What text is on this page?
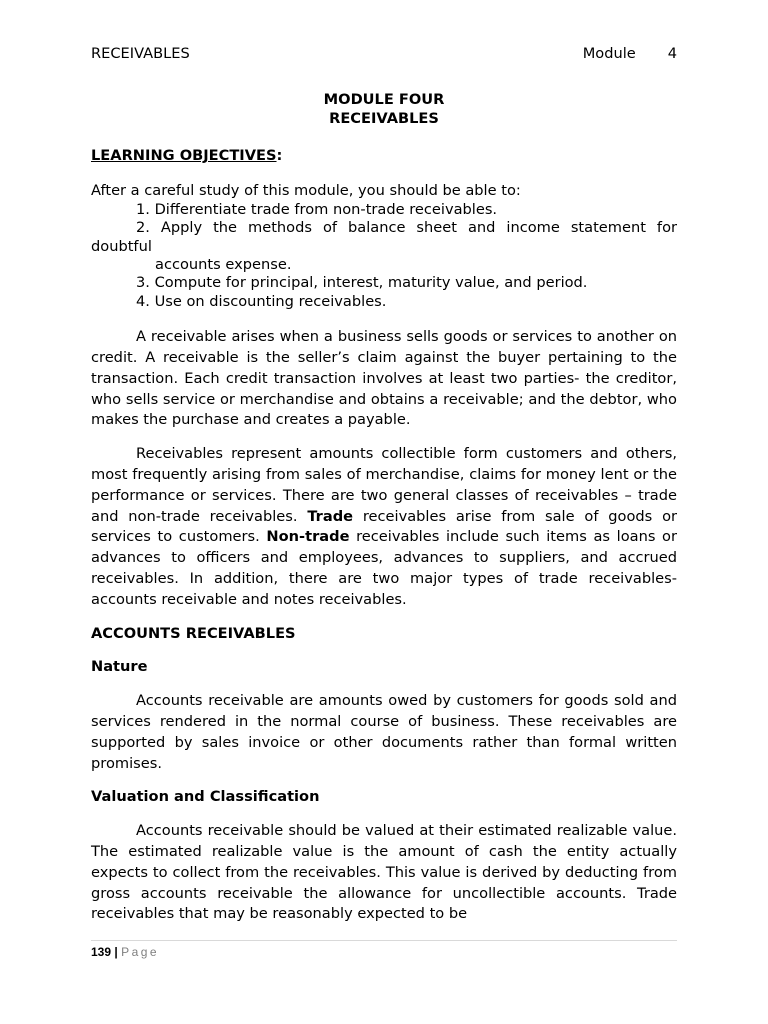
RECEIVABLES	Module   4
MODULE FOUR
RECEIVABLES
LEARNING OBJECTIVES:
After a careful study of this module, you should be able to:
1. Differentiate trade from non-trade receivables.
2. Apply the methods of balance sheet and income statement for
doubtful
accounts expense.
3. Compute for principal, interest, maturity value, and period.
4. Use on discounting receivables.
A receivable arises when a business sells goods or services to another on credit. A receivable is the seller’s claim against the buyer pertaining to the transaction. Each credit transaction involves at least two parties- the creditor, who sells service or merchandise and obtains a receivable; and the debtor, who makes the purchase and creates a payable.
Receivables represent amounts collectible form customers and others, most frequently arising from sales of merchandise, claims for money lent or the performance or services. There are two general classes of receivables – trade and non-trade receivables. Trade receivables arise from sale of goods or services to customers. Non-trade receivables include such items as loans or advances to officers and employees, advances to suppliers, and accrued receivables. In addition, there are two major types of trade receivables- accounts receivable and notes receivables.
ACCOUNTS RECEIVABLES
Nature
Accounts receivable are amounts owed by customers for goods sold and services rendered in the normal course of business. These receivables are supported by sales invoice or other documents rather than formal written promises.
Valuation and Classification
Accounts receivable should be valued at their estimated realizable value. The estimated realizable value is the amount of cash the entity actually expects to collect from the receivables. This value is derived by deducting from gross accounts receivable the allowance for uncollectible accounts. Trade receivables that may be reasonably expected to be
139 | Page
